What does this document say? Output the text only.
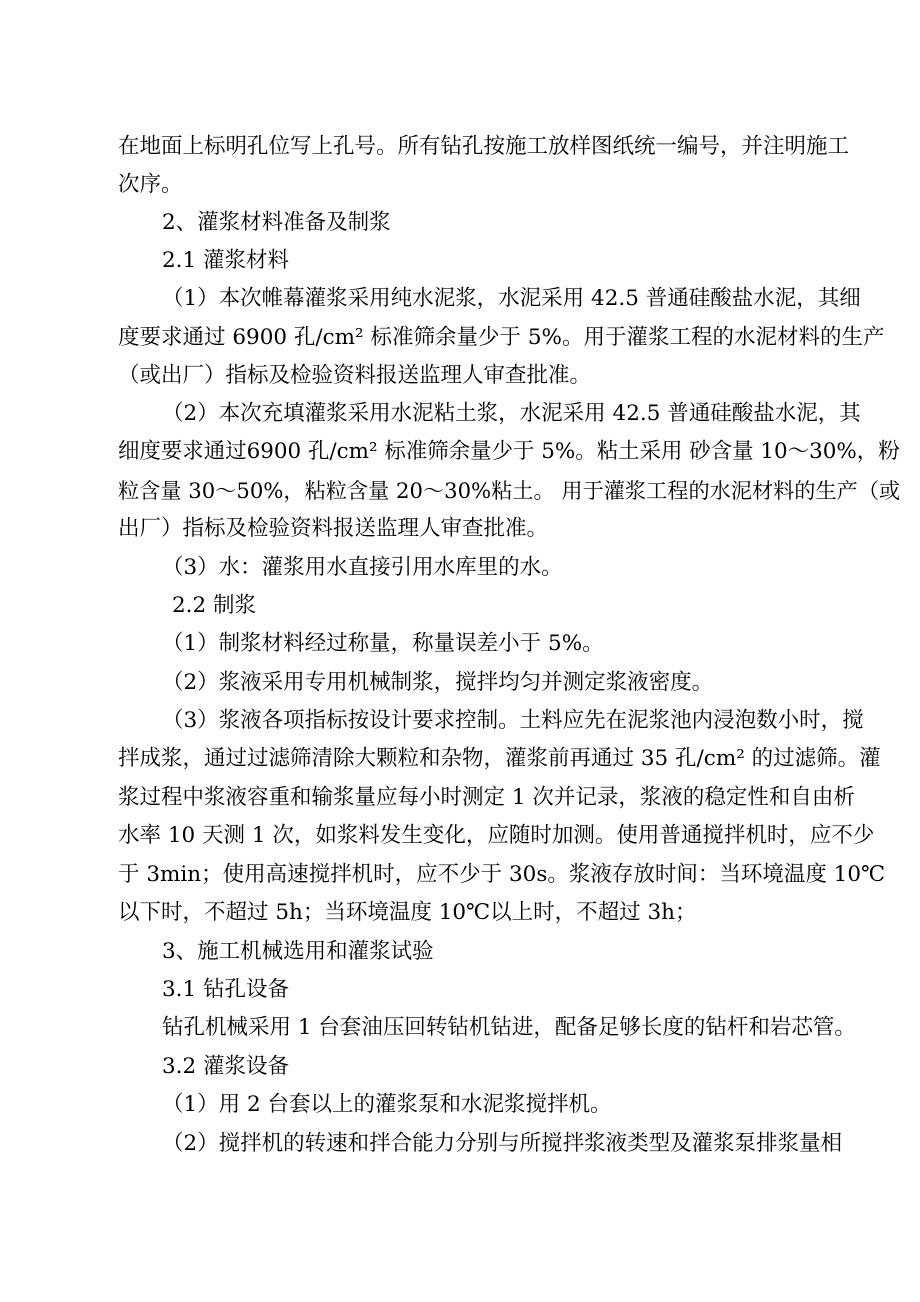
在地面上标明孔位写上孔号。所有钻孔按施工放样图纸统一编号，并注明施工
次序。
2、灌浆材料准备及制浆
2.1 灌浆材料
（1）本次帷幕灌浆采用纯水泥浆，水泥采用 42.5 普通硅酸盐水泥，其细
度要求通过 6900 孔/cm² 标准筛余量少于 5%。用于灌浆工程的水泥材料的生产
（或出厂）指标及检验资料报送监理人审查批准。
（2）本次充填灌浆采用水泥粘土浆，水泥采用 42.5 普通硅酸盐水泥，其
细度要求通过6900 孔/cm² 标准筛余量少于 5%。粘土采用 砂含量 10～30%，粉
粒含量 30～50%，粘粒含量 20～30%粘土。 用于灌浆工程的水泥材料的生产（或
出厂）指标及检验资料报送监理人审查批准。
（3）水：灌浆用水直接引用水库里的水。
2.2 制浆
（1）制浆材料经过称量，称量误差小于 5%。
（2）浆液采用专用机械制浆，搅拌均匀并测定浆液密度。
（3）浆液各项指标按设计要求控制。土料应先在泥浆池内浸泡数小时，搅
拌成浆，通过过滤筛清除大颗粒和杂物，灌浆前再通过 35 孔/cm² 的过滤筛。灌
浆过程中浆液容重和输浆量应每小时测定 1 次并记录，浆液的稳定性和自由析
水率 10 天测 1 次，如浆料发生变化，应随时加测。使用普通搅拌机时，应不少
于 3min；使用高速搅拌机时，应不少于 30s。浆液存放时间：当环境温度 10℃
以下时，不超过 5h；当环境温度 10℃以上时，不超过 3h；
3、施工机械选用和灌浆试验
3.1 钻孔设备
钻孔机械采用 1 台套油压回转钻机钻进，配备足够长度的钻杆和岩芯管。
3.2 灌浆设备
（1）用 2 台套以上的灌浆泵和水泥浆搅拌机。
（2）搅拌机的转速和拌合能力分别与所搅拌浆液类型及灌浆泵排浆量相
